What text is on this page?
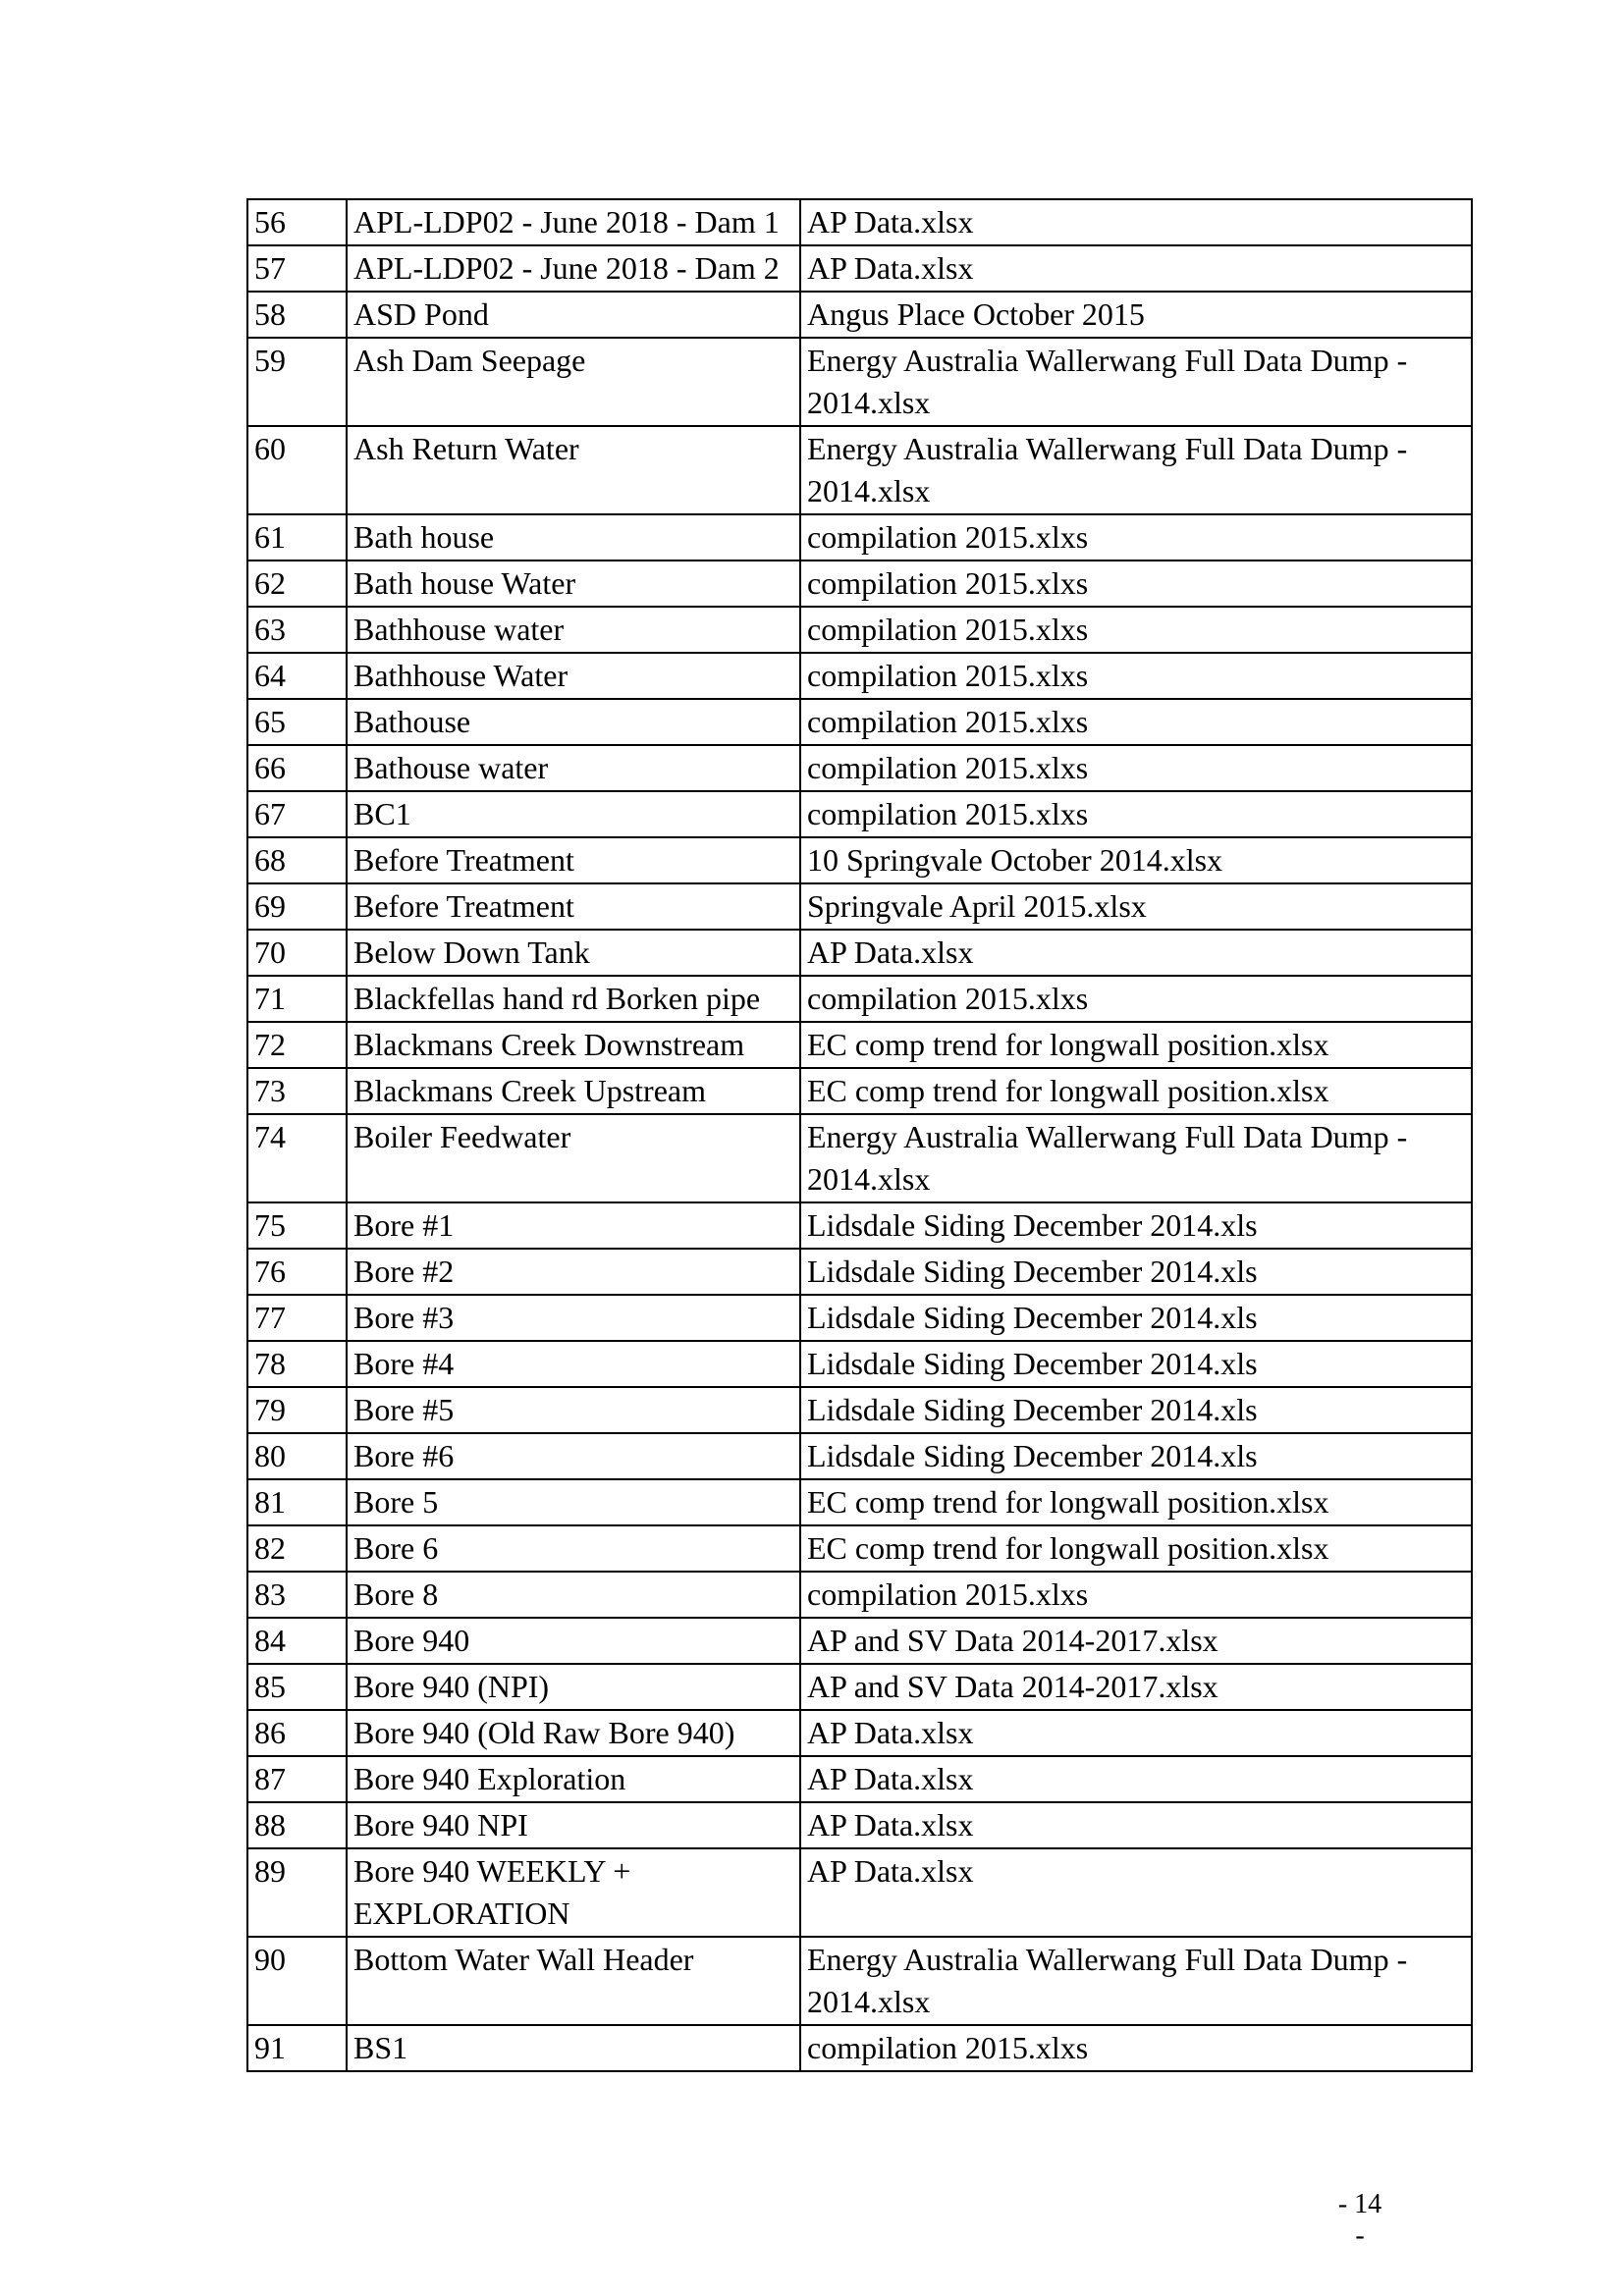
56	APL-LDP02 - June 2018 - Dam 1	AP Data.xlsx
57	APL-LDP02 - June 2018 - Dam 2	AP Data.xlsx
58	ASD Pond	Angus Place October 2015
59	Ash Dam Seepage	Energy Australia Wallerwang Full Data Dump - 2014.xlsx
60	Ash Return Water	Energy Australia Wallerwang Full Data Dump - 2014.xlsx
61	Bath house	compilation 2015.xlxs
62	Bath house Water	compilation 2015.xlxs
63	Bathhouse water	compilation 2015.xlxs
64	Bathhouse Water	compilation 2015.xlxs
65	Bathouse	compilation 2015.xlxs
66	Bathouse water	compilation 2015.xlxs
67	BC1	compilation 2015.xlxs
68	Before Treatment	10 Springvale October 2014.xlsx
69	Before Treatment	Springvale April 2015.xlsx
70	Below Down Tank	AP Data.xlsx
71	Blackfellas hand rd Borken pipe	compilation 2015.xlxs
72	Blackmans Creek Downstream	EC comp trend for longwall position.xlsx
73	Blackmans Creek Upstream	EC comp trend for longwall position.xlsx
74	Boiler Feedwater	Energy Australia Wallerwang Full Data Dump - 2014.xlsx
75	Bore #1	Lidsdale Siding December 2014.xls
76	Bore #2	Lidsdale Siding December 2014.xls
77	Bore #3	Lidsdale Siding December 2014.xls
78	Bore #4	Lidsdale Siding December 2014.xls
79	Bore #5	Lidsdale Siding December 2014.xls
80	Bore #6	Lidsdale Siding December 2014.xls
81	Bore 5	EC comp trend for longwall position.xlsx
82	Bore 6	EC comp trend for longwall position.xlsx
83	Bore 8	compilation 2015.xlxs
84	Bore 940	AP and SV Data 2014-2017.xlsx
85	Bore 940 (NPI)	AP and SV Data 2014-2017.xlsx
86	Bore 940 (Old Raw Bore 940)	AP Data.xlsx
87	Bore 940 Exploration	AP Data.xlsx
88	Bore 940 NPI	AP Data.xlsx
89	Bore 940 WEEKLY + EXPLORATION	AP Data.xlsx
90	Bottom Water Wall Header	Energy Australia Wallerwang Full Data Dump - 2014.xlsx
91	BS1	compilation 2015.xlxs
- 14 -
